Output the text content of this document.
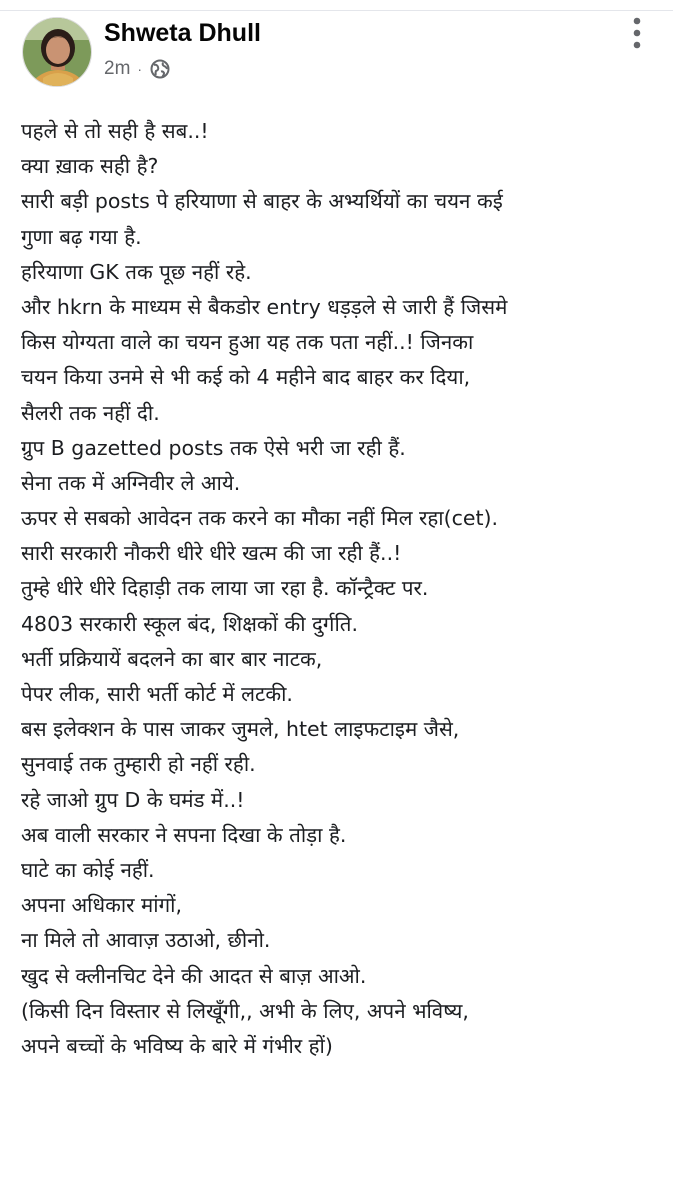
Shweta Dhull
2m ·
पहले से तो सही है सब..!
क्या ख़ाक सही है?
सारी बड़ी posts पे हरियाणा से बाहर के अभ्यर्थियों का चयन कई
गुणा बढ़ गया है.
हरियाणा GK तक पूछ नहीं रहे.
और hkrn के माध्यम से बैकडोर entry धड़ड़ले से जारी हैं जिसमे
किस योग्यता वाले का चयन हुआ यह तक पता नहीं..! जिनका
चयन किया उनमे से भी कई को 4 महीने बाद बाहर कर दिया,
सैलरी तक नहीं दी.
ग्रुप B gazetted posts तक ऐसे भरी जा रही हैं.
सेना तक में अग्निवीर ले आये.
ऊपर से सबको आवेदन तक करने का मौका नहीं मिल रहा(cet).
सारी सरकारी नौकरी धीरे धीरे खत्म की जा रही हैं..!
तुम्हे धीरे धीरे दिहाड़ी तक लाया जा रहा है. कॉन्ट्रैक्ट पर.
4803 सरकारी स्कूल बंद, शिक्षकों की दुर्गति.
भर्ती प्रक्रियायें बदलने का बार बार नाटक,
पेपर लीक, सारी भर्ती कोर्ट में लटकी.
बस इलेक्शन के पास जाकर जुमले, htet लाइफटाइम जैसे,
सुनवाई तक तुम्हारी हो नहीं रही.
रहे जाओ ग्रुप D के घमंड में..!
अब वाली सरकार ने सपना दिखा के तोड़ा है.
घाटे का कोई नहीं.
अपना अधिकार मांगों,
ना मिले तो आवाज़ उठाओ, छीनो.
खुद से क्लीनचिट देने की आदत से बाज़ आओ.
(किसी दिन विस्तार से लिखूँगी,, अभी के लिए, अपने भविष्य,
अपने बच्चों के भविष्य के बारे में गंभीर हों)
